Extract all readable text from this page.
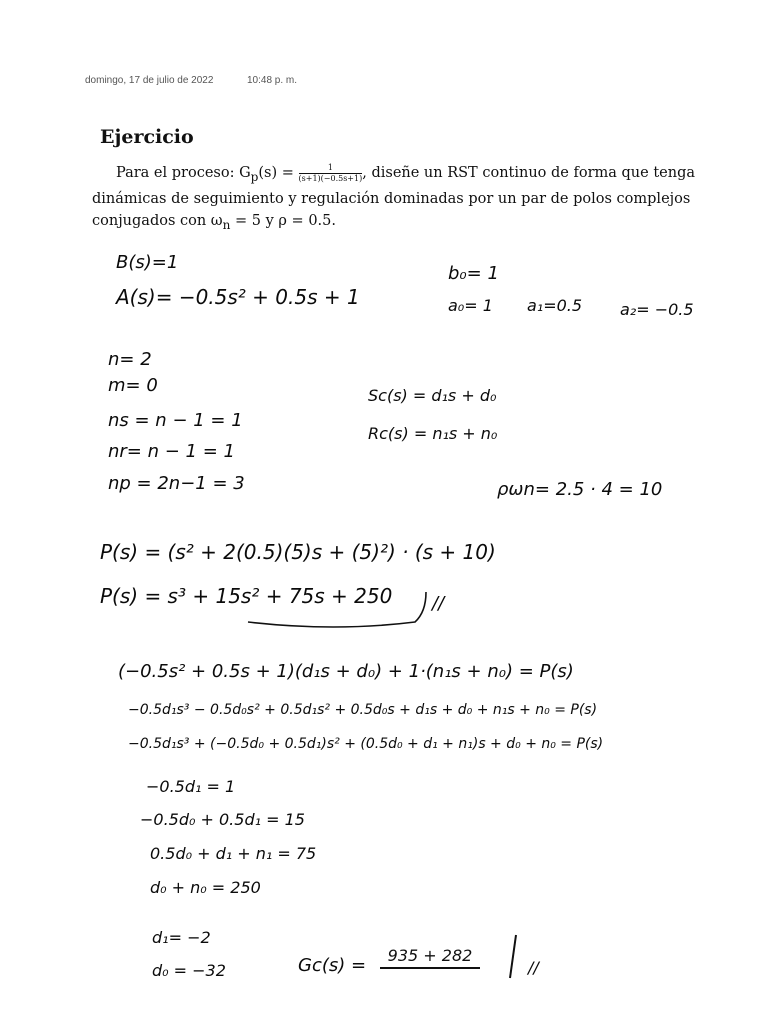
domingo, 17 de julio de 2022	10:48 p. m.
Ejercicio

Para el proceso: $G_p(s) = \frac{1}{(s+1)(-0.5s+1)}$ , diseñe un RST continuo de forma que tenga dinámicas de seguimiento y regulación dominadas por un par de polos complejos conjugados con $\omega_n = 5$ y ρ = 0.5.

B(s)=1
A(s)= −0.5s² + 0.5s + 1
b₀= 1
a₀= 1 a₁=0.5 a₂= −0.5
n= 2
m= 0
ns = n − 1 = 1
nr= n − 1 = 1
np = 2n−1 = 3
Sc(s) = d₁s + d₀
Rc(s) = n₁s + n₀
ρωn= 2.5 · 4 = 10
P(s) = (s² + 2(0.5)(5)s + (5)²) · (s + 10)
P(s) = s³ + 15s² + 75s + 250 //
(−0.5s² + 0.5s + 1)(d₁s + d₀) + 1·(n₁s + n₀) = P(s)
−0.5d₁s³ − 0.5d₀s² + 0.5d₁s² + 0.5d₀s + d₁s + d₀ + n₁s + n₀ = P(s)
−0.5d₁s³ + (−0.5d₀ + 0.5d₁)s² + (0.5d₀ + d₁ + n₁)s + d₀ + n₀ = P(s)
−0.5d₁ = 1
−0.5d₀ + 0.5d₁ = 15
0.5d₀ + d₁ + n₁ = 75
d₀ + n₀ = 250
d₁= −2
d₀ = −32	Gc(s) =	935 + 282
//
